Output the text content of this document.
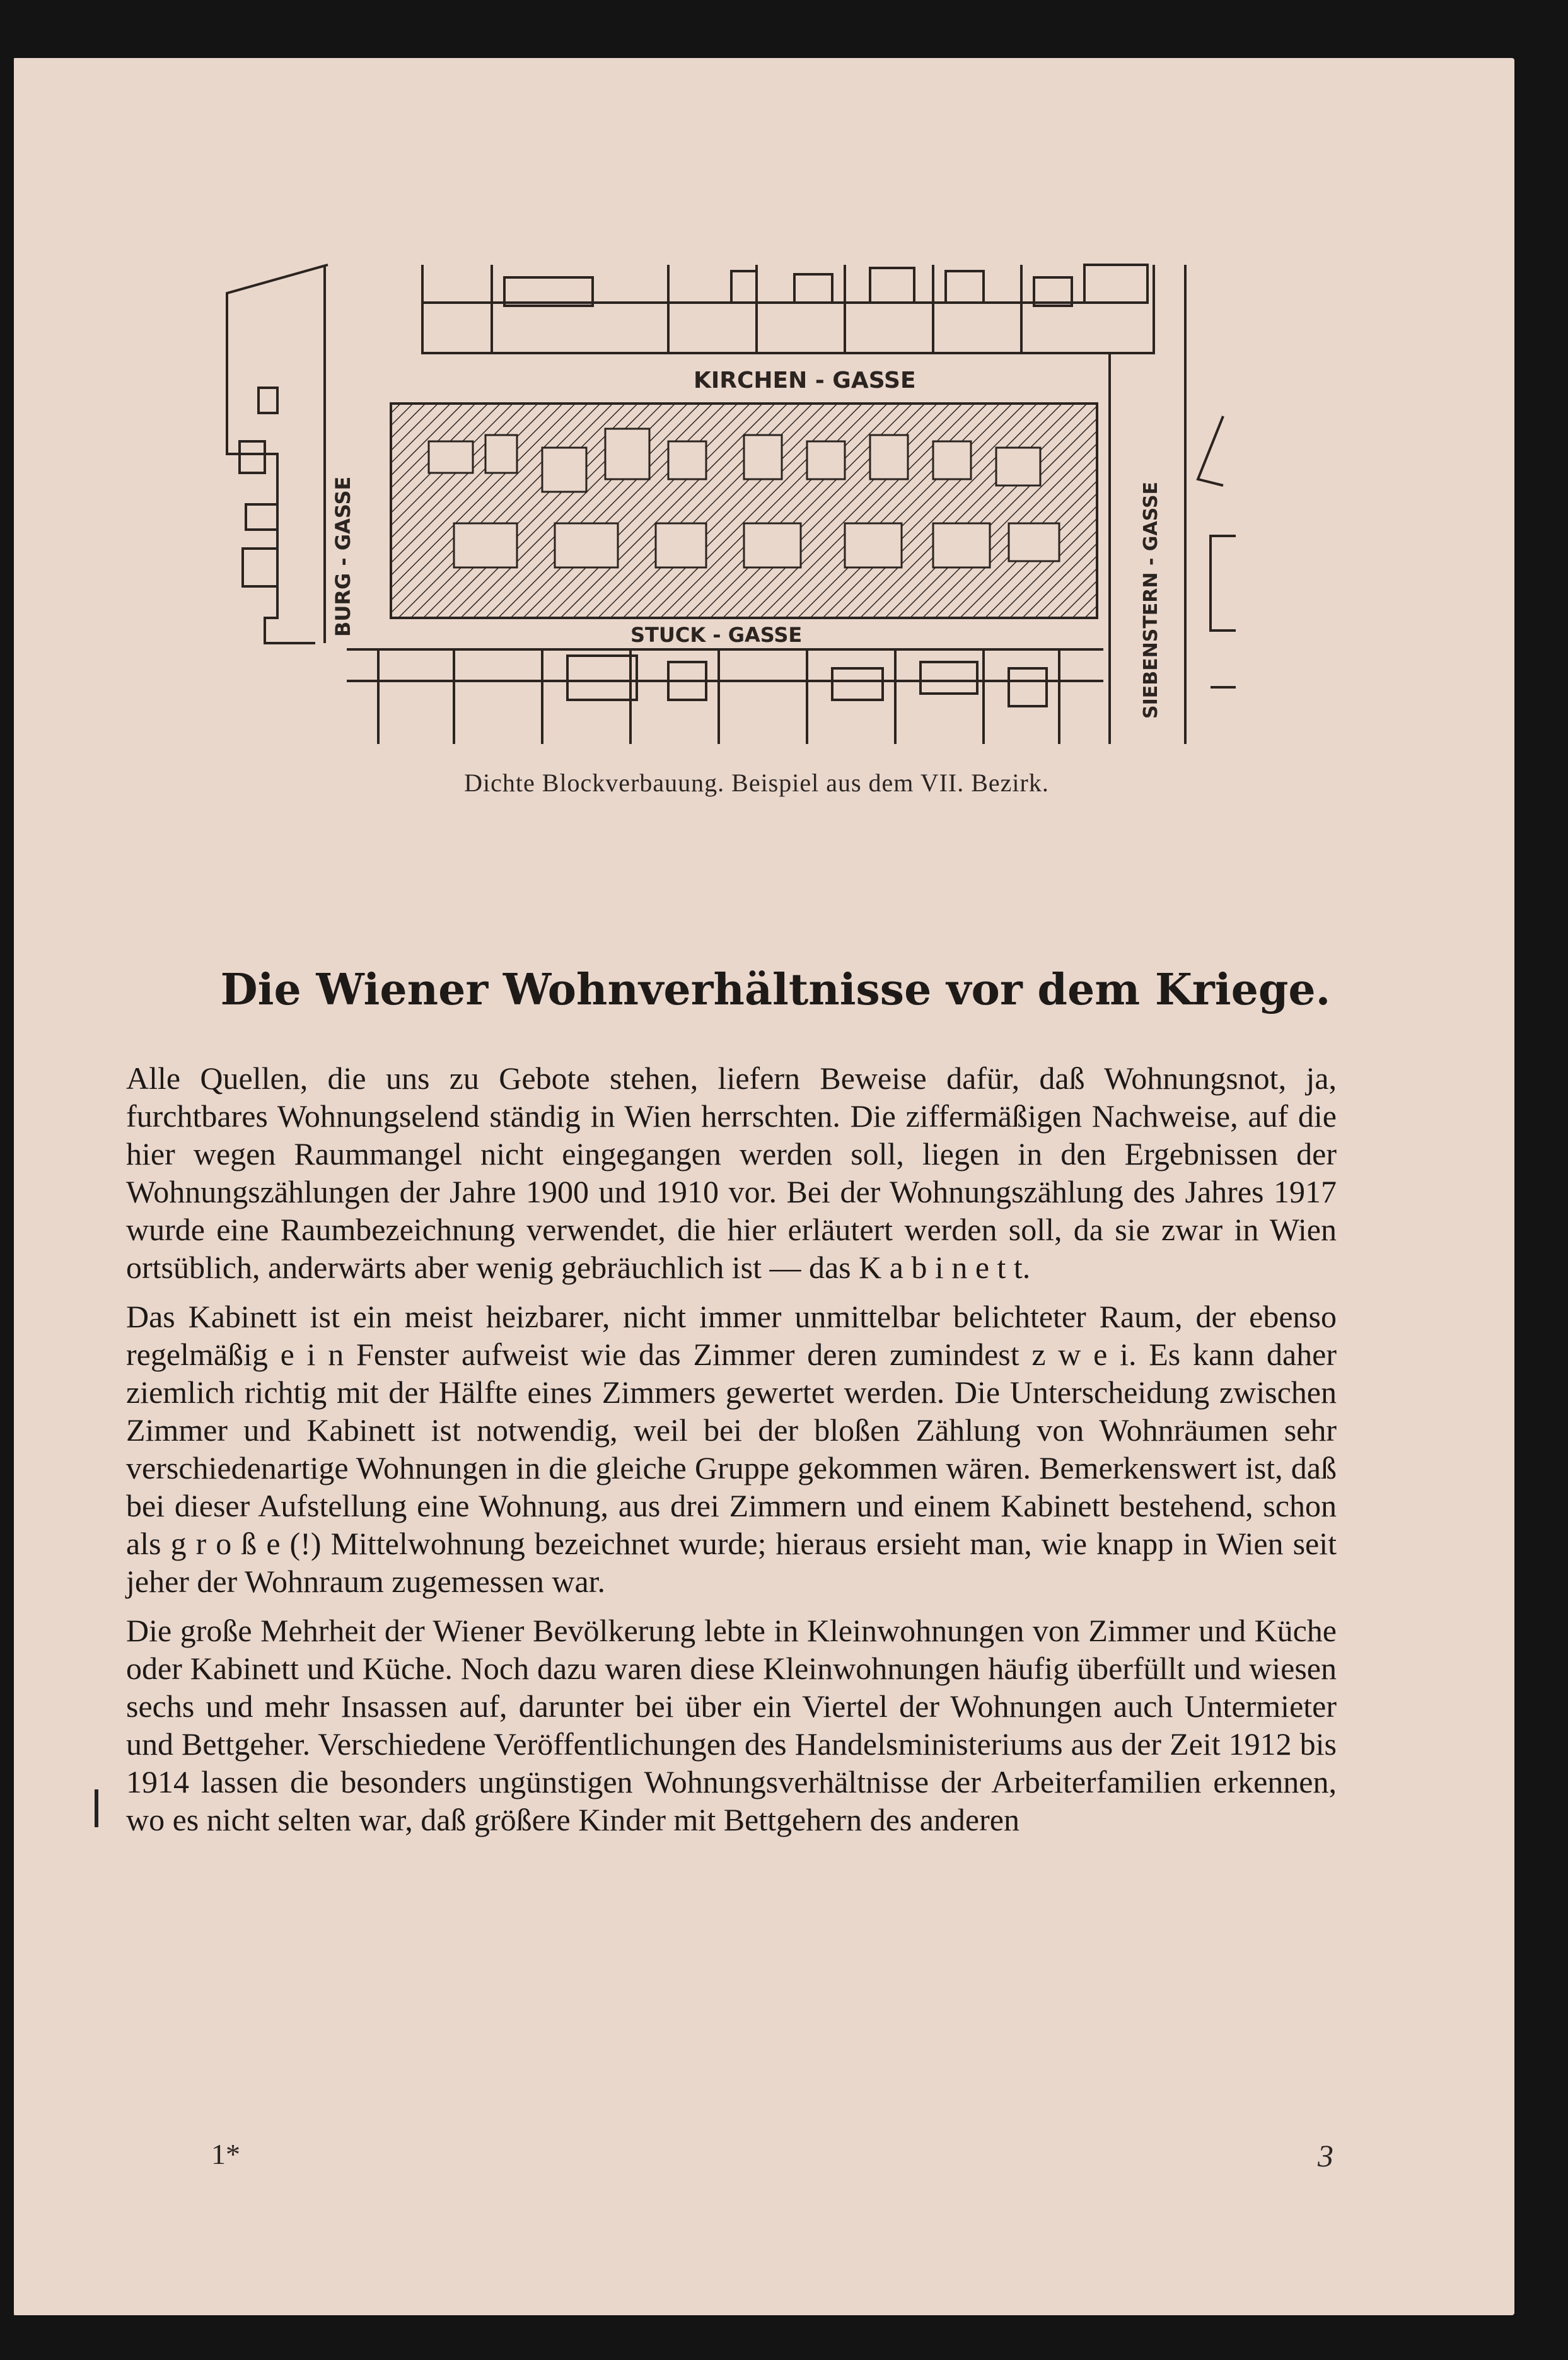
KIRCHEN - GASSE
STUCK - GASSE
BURG - GASSE	SIEBENSTERN - GASSE
Dichte Blockverbauung. Beispiel aus dem VII. Bezirk.
Die Wiener Wohnverhältnisse vor dem Kriege.

Alle Quellen, die uns zu Gebote stehen, liefern Beweise dafür, daß Wohnungsnot, ja, furchtbares Wohnungselend ständig in Wien herrschten. Die ziffermäßigen Nachweise, auf die hier wegen Raummangel nicht eingegangen werden soll, liegen in den Ergebnissen der Wohnungszählungen der Jahre 1900 und 1910 vor. Bei der Wohnungszählung des Jahres 1917 wurde eine Raumbezeichnung verwendet, die hier erläutert werden soll, da sie zwar in Wien ortsüblich, anderwärts aber wenig gebräuchlich ist — das K a b i n e t t.

Das Kabinett ist ein meist heizbarer, nicht immer unmittelbar belichteter Raum, der ebenso regelmäßig e i n Fenster aufweist wie das Zimmer deren zumindest z w e i. Es kann daher ziemlich richtig mit der Hälfte eines Zimmers gewertet werden. Die Unterscheidung zwischen Zimmer und Kabinett ist notwendig, weil bei der bloßen Zählung von Wohnräumen sehr verschiedenartige Wohnungen in die gleiche Gruppe gekommen wären. Bemerkenswert ist, daß bei dieser Aufstellung eine Wohnung, aus drei Zimmern und einem Kabinett bestehend, schon als g r o ß e (!) Mittelwohnung bezeichnet wurde; hieraus ersieht man, wie knapp in Wien seit jeher der Wohnraum zugemessen war.

Die große Mehrheit der Wiener Bevölkerung lebte in Kleinwohnungen von Zimmer und Küche oder Kabinett und Küche. Noch dazu waren diese Kleinwohnungen häufig überfüllt und wiesen sechs und mehr Insassen auf, darunter bei über ein Viertel der Wohnungen auch Untermieter und Bettgeher. Verschiedene Veröffentlichungen des Handelsministeriums aus der Zeit 1912 bis 1914 lassen die besonders ungünstigen Wohnungsverhältnisse der Arbeiterfamilien erkennen, wo es nicht selten war, daß größere Kinder mit Bettgehern des anderen

1*	3
